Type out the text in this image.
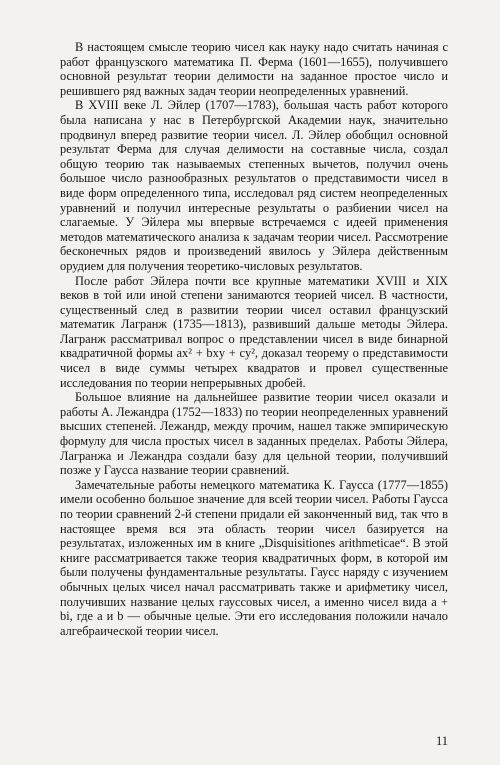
В настоящем смысле теорию чисел как науку надо считать начиная с работ французского математика П. Ферма (1601—1655), получившего основной результат теории делимости на заданное простое число и решившего ряд важных задач теории неопределенных уравнений.

В XVIII веке Л. Эйлер (1707—1783), большая часть работ которого была написана у нас в Петербургской Академии наук, значительно продвинул вперед развитие теории чисел. Л. Эйлер обобщил основной результат Ферма для случая делимости на составные числа, создал общую теорию так называемых степенных вычетов, получил очень большое число разнообразных результатов о представимости чисел в виде форм определенного типа, исследовал ряд систем неопределенных уравнений и получил интересные результаты о разбиении чисел на слагаемые. У Эйлера мы впервые встречаемся с идеей применения методов математического анализа к задачам теории чисел. Рассмотрение бесконечных рядов и произведений явилось у Эйлера действенным орудием для получения теоретико-числовых результатов.

После работ Эйлера почти все крупные математики XVIII и XIX веков в той или иной степени занимаются теорией чисел. В частности, существенный след в развитии теории чисел оставил французский математик Лагранж (1735—1813), развивший дальше методы Эйлера. Лагранж рассматривал вопрос о представлении чисел в виде бинарной квадратичной формы ax² + bxy + cy², доказал теорему о представимости чисел в виде суммы четырех квадратов и провел существенные исследования по теории непрерывных дробей.

Большое влияние на дальнейшее развитие теории чисел оказали и работы А. Лежандра (1752—1833) по теории неопределенных уравнений высших степеней. Лежандр, между прочим, нашел также эмпирическую формулу для числа простых чисел в заданных пределах. Работы Эйлера, Лагранжа и Лежандра создали базу для цельной теории, получивший позже у Гаусса название теории сравнений.

Замечательные работы немецкого математика К. Гаусса (1777—1855) имели особенно большое значение для всей теории чисел. Работы Гаусса по теории сравнений 2-й степени придали ей законченный вид, так что в настоящее время вся эта область теории чисел базируется на результатах, изложенных им в книге „Disquisitiones arithmeticae“. В этой книге рассматривается также теория квадратичных форм, в которой им были получены фундаментальные результаты. Гаусс наряду с изучением обычных целых чисел начал рассматривать также и арифметику чисел, получивших название целых гауссовых чисел, а именно чисел вида a + bi, где a и b — обычные целые. Эти его исследования положили начало алгебраической теории чисел.

11
